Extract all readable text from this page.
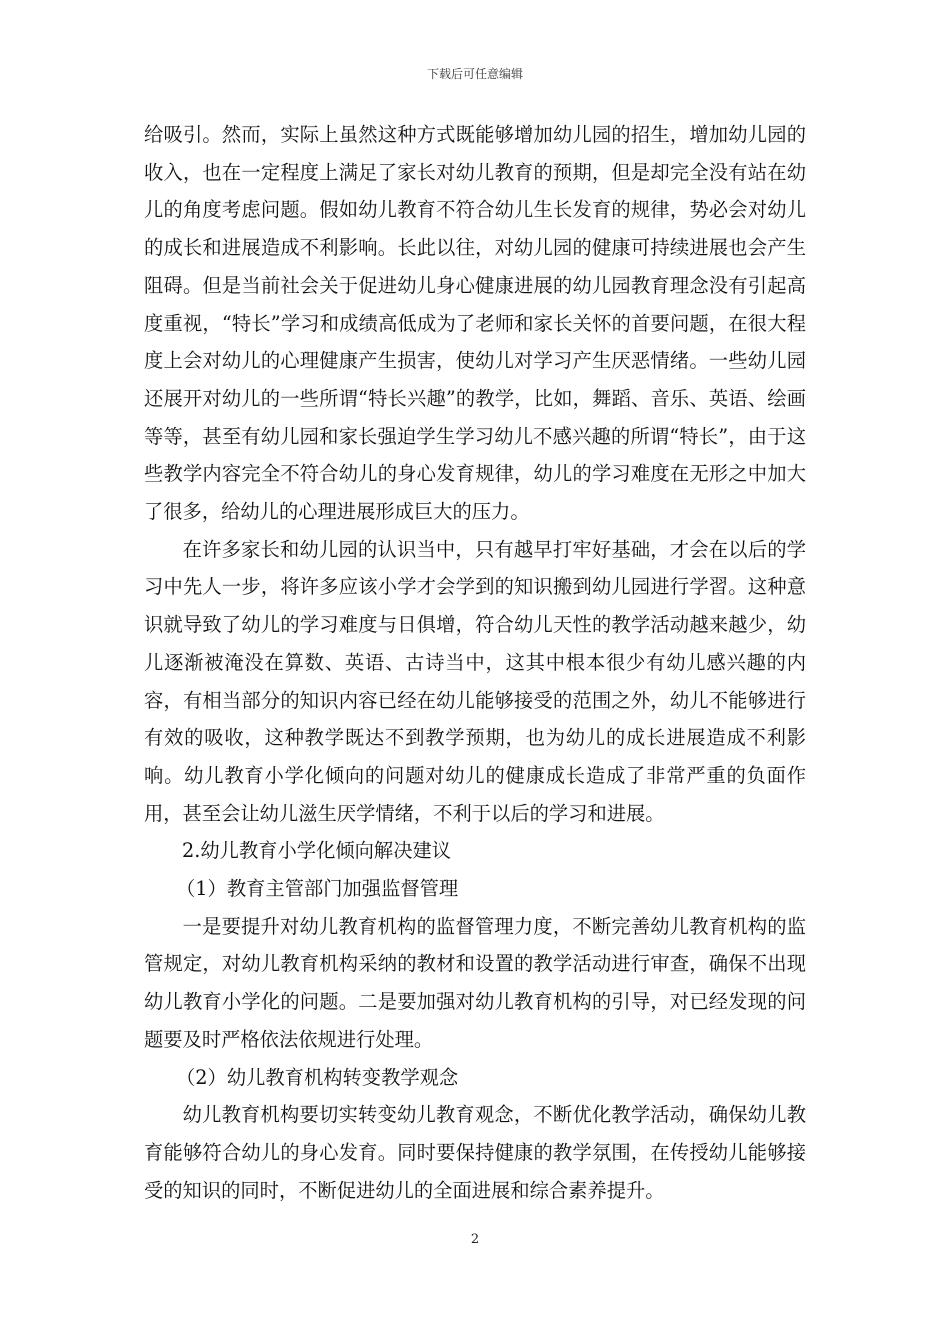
下载后可任意编辑

给吸引。然而，实际上虽然这种方式既能够增加幼儿园的招生，增加幼儿园的收入，也在一定程度上满足了家长对幼儿教育的预期，但是却完全没有站在幼儿的角度考虑问题。假如幼儿教育不符合幼儿生长发育的规律，势必会对幼儿的成长和进展造成不利影响。长此以往，对幼儿园的健康可持续进展也会产生阻碍。但是当前社会关于促进幼儿身心健康进展的幼儿园教育理念没有引起高度重视，“特长”学习和成绩高低成为了老师和家长关怀的首要问题，在很大程度上会对幼儿的心理健康产生损害，使幼儿对学习产生厌恶情绪。一些幼儿园还展开对幼儿的一些所谓“特长兴趣”的教学，比如，舞蹈、音乐、英语、绘画等等，甚至有幼儿园和家长强迫学生学习幼儿不感兴趣的所谓“特长”，由于这些教学内容完全不符合幼儿的身心发育规律，幼儿的学习难度在无形之中加大了很多，给幼儿的心理进展形成巨大的压力。

在许多家长和幼儿园的认识当中，只有越早打牢好基础，才会在以后的学习中先人一步，将许多应该小学才会学到的知识搬到幼儿园进行学習。这种意识就导致了幼儿的学习难度与日俱增，符合幼儿天性的教学活动越来越少，幼儿逐渐被淹没在算数、英语、古诗当中，这其中根本很少有幼儿感兴趣的内容，有相当部分的知识内容已经在幼儿能够接受的范围之外，幼儿不能够进行有效的吸收，这种教学既达不到教学预期，也为幼儿的成长进展造成不利影响。幼儿教育小学化倾向的问题对幼儿的健康成长造成了非常严重的负面作用，甚至会让幼儿滋生厌学情绪，不利于以后的学习和进展。

2.幼儿教育小学化倾向解决建议

（1）教育主管部门加强监督管理

一是要提升对幼儿教育机构的监督管理力度，不断完善幼儿教育机构的监管规定，对幼儿教育机构采纳的教材和设置的教学活动进行审查，确保不出现幼儿教育小学化的问题。二是要加强对幼儿教育机构的引导，对已经发现的问题要及时严格依法依规进行处理。

（2）幼儿教育机构转变教学观念

幼儿教育机构要切实转变幼儿教育观念，不断优化教学活动，确保幼儿教育能够符合幼儿的身心发育。同时要保持健康的教学氛围，在传授幼儿能够接受的知识的同时，不断促进幼儿的全面进展和综合素养提升。

2
